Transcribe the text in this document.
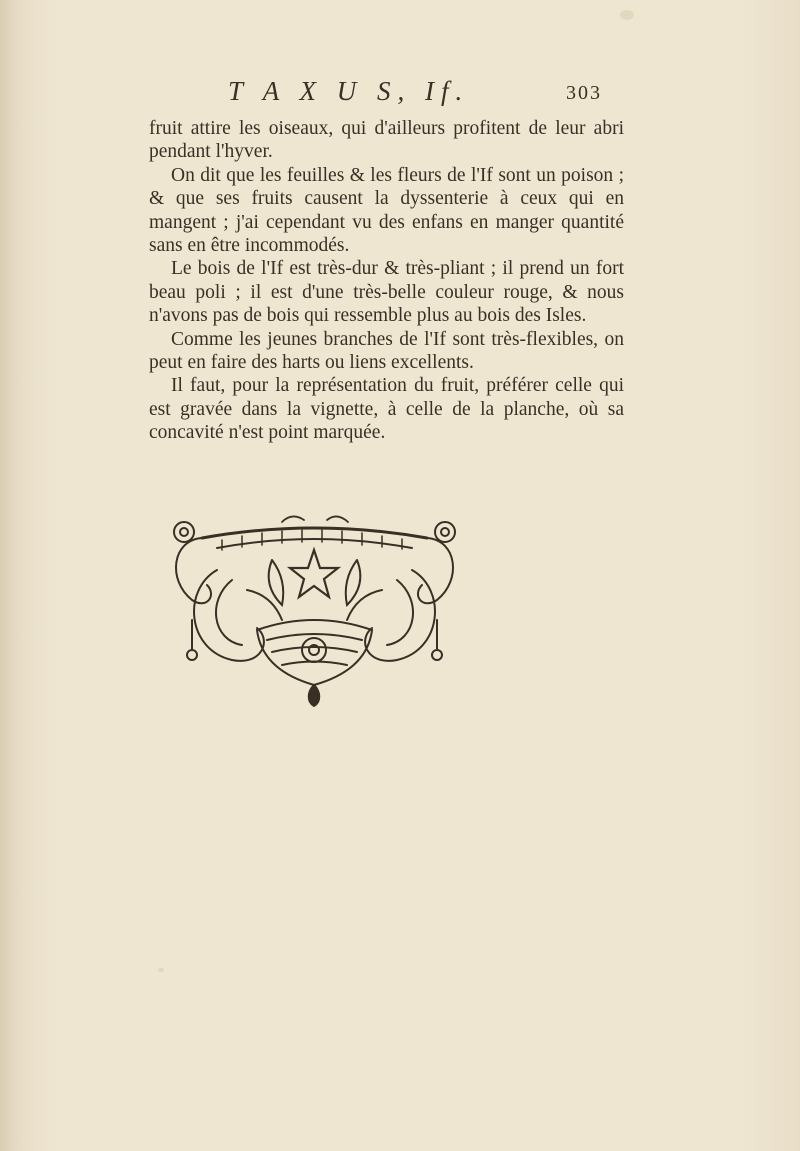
T A X U S, If.	303

fruit attire les oiseaux, qui d'ailleurs profitent de leur abri pendant l'hyver.

On dit que les feuilles & les fleurs de l'If sont un poison ; & que ses fruits causent la dyssenterie à ceux qui en mangent ; j'ai cependant vu des enfans en manger quantité sans en être incommodés.

Le bois de l'If est très-dur & très-pliant ; il prend un fort beau poli ; il est d'une très-belle couleur rouge, & nous n'avons pas de bois qui ressemble plus au bois des Isles.

Comme les jeunes branches de l'If sont très-flexibles, on peut en faire des harts ou liens excellents.

Il faut, pour la représentation du fruit, préférer celle qui est gravée dans la vignette, à celle de la planche, où sa concavité n'est point marquée.
